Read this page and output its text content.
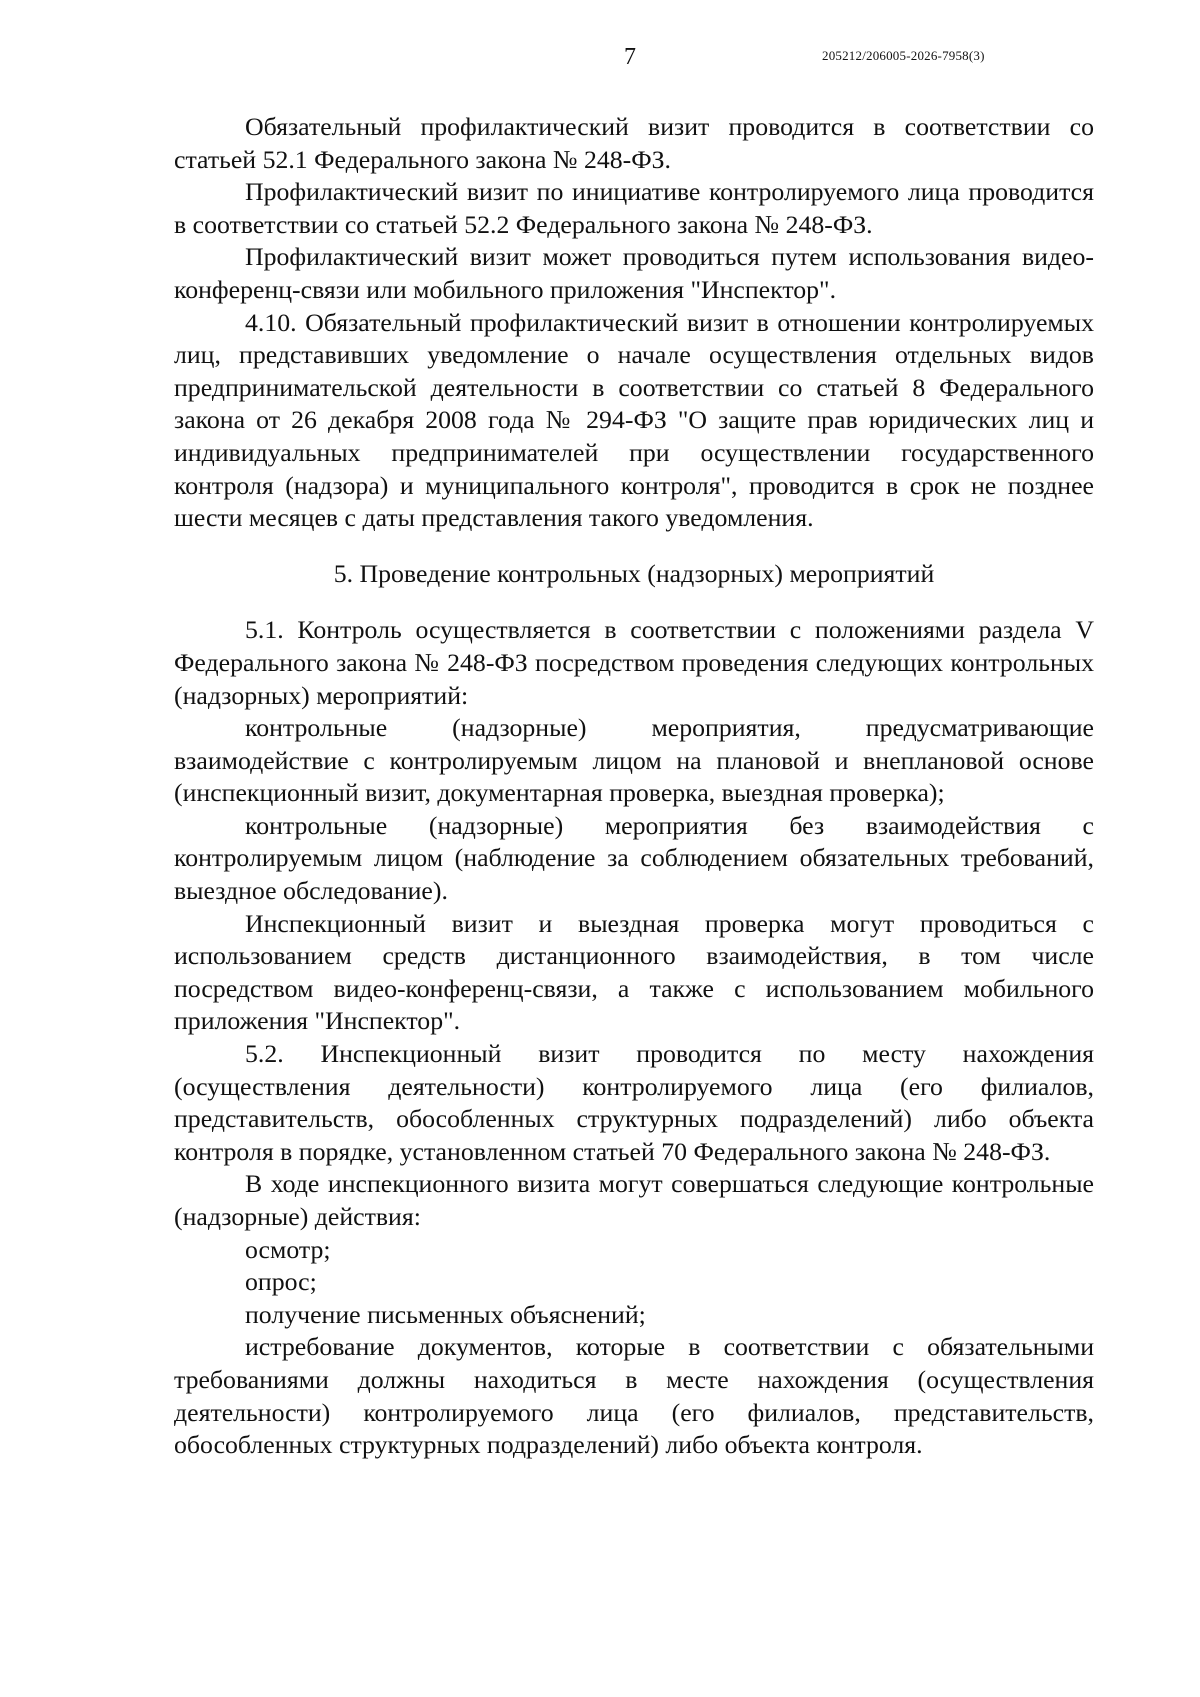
7	205212/206005-2026-7958(3)

Обязательный профилактический визит проводится в соответствии со статьей 52.1 Федерального закона № 248-ФЗ.

Профилактический визит по инициативе контролируемого лица проводится в соответствии со статьей 52.2 Федерального закона № 248-ФЗ.

Профилактический визит может проводиться путем использования видео-конференц-связи или мобильного приложения "Инспектор".

4.10. Обязательный профилактический визит в отношении контролируемых лиц, представивших уведомление о начале осуществления отдельных видов предпринимательской деятельности в соответствии со статьей 8 Федерального закона от 26 декабря 2008 года № 294-ФЗ "О защите прав юридических лиц и индивидуальных предпринимателей при осуществлении государственного контроля (надзора) и муниципального контроля", проводится в срок не позднее шести месяцев с даты представления такого уведомления.

5. Проведение контрольных (надзорных) мероприятий

5.1. Контроль осуществляется в соответствии с положениями раздела V Федерального закона № 248-ФЗ посредством проведения следующих контрольных (надзорных) мероприятий:

контрольные (надзорные) мероприятия, предусматривающие взаимодействие с контролируемым лицом на плановой и внеплановой основе (инспекционный визит, документарная проверка, выездная проверка);

контрольные (надзорные) мероприятия без взаимодействия с контролируемым лицом (наблюдение за соблюдением обязательных требований, выездное обследование).

Инспекционный визит и выездная проверка могут проводиться с использованием средств дистанционного взаимодействия, в том числе посредством видео-конференц-связи, а также с использованием мобильного приложения "Инспектор".

5.2. Инспекционный визит проводится по месту нахождения (осуществления деятельности) контролируемого лица (его филиалов, представительств, обособленных структурных подразделений) либо объекта контроля в порядке, установленном статьей 70 Федерального закона № 248-ФЗ.

В ходе инспекционного визита могут совершаться следующие контрольные (надзорные) действия:

осмотр;

опрос;

получение письменных объяснений;

истребование документов, которые в соответствии с обязательными требованиями должны находиться в месте нахождения (осуществления деятельности) контролируемого лица (его филиалов, представительств, обособленных структурных подразделений) либо объекта контроля.
